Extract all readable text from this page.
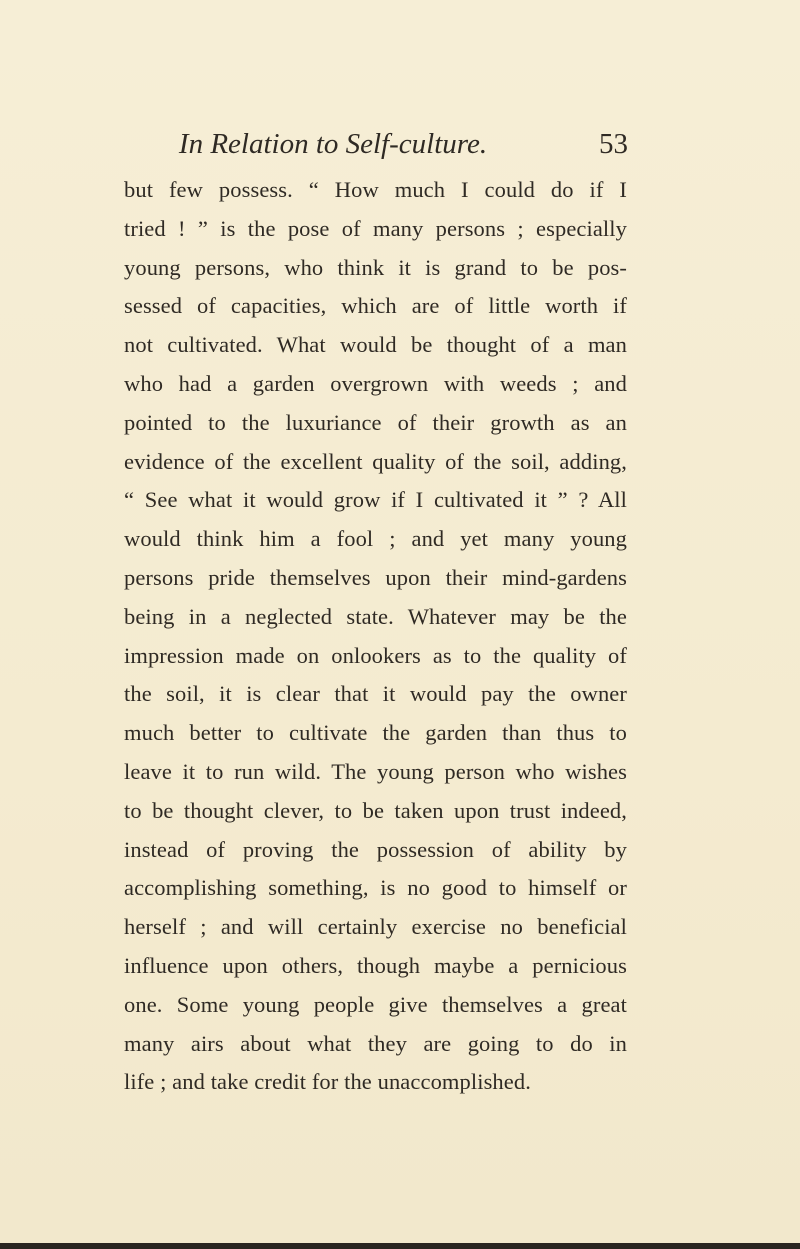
In Relation to Self-culture.	53
but few possess. “ How much I could do if I
tried ! ” is the pose of many persons ; especially
young persons, who think it is grand to be pos-
sessed of capacities, which are of little worth if
not cultivated. What would be thought of a man
who had a garden overgrown with weeds ; and
pointed to the luxuriance of their growth as an
evidence of the excellent quality of the soil, adding,
“ See what it would grow if I cultivated it ” ? All
would think him a fool ; and yet many young
persons pride themselves upon their mind-gardens
being in a neglected state. Whatever may be the
impression made on onlookers as to the quality of
the soil, it is clear that it would pay the owner
much better to cultivate the garden than thus to
leave it to run wild. The young person who wishes
to be thought clever, to be taken upon trust indeed,
instead of proving the possession of ability by
accomplishing something, is no good to himself or
herself ; and will certainly exercise no beneficial
influence upon others, though maybe a pernicious
one. Some young people give themselves a great
many airs about what they are going to do in
life ; and take credit for the unaccomplished.
